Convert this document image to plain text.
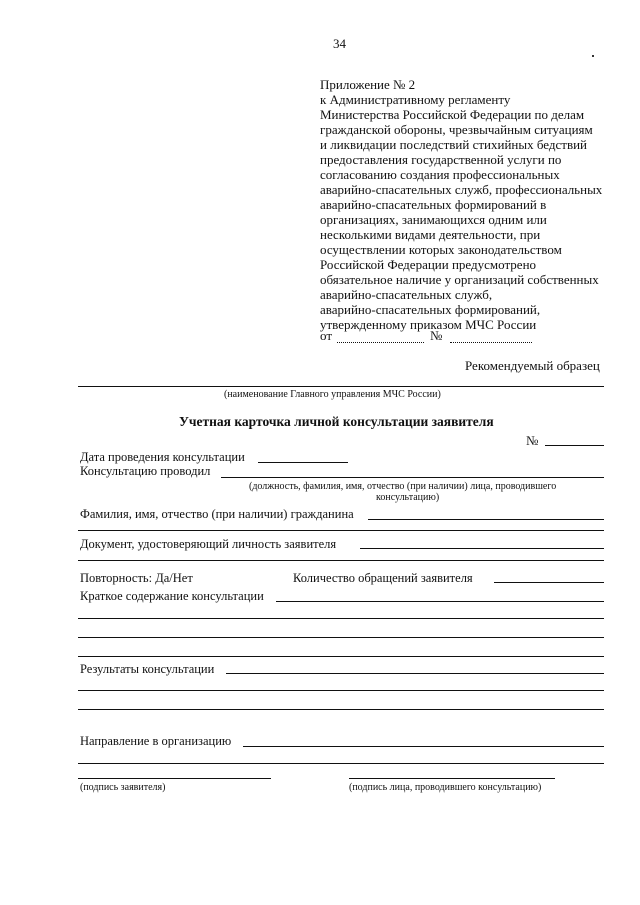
34
Приложение № 2
к Административному регламенту
Министерства Российской Федерации по делам
гражданской обороны, чрезвычайным ситуациям
и ликвидации последствий стихийных бедствий
предоставления государственной услуги по
согласованию создания профессиональных
аварийно-спасательных служб, профессиональных
аварийно-спасательных формирований в
организациях, занимающихся одним или
несколькими видами деятельности, при
осуществлении которых законодательством
Российской Федерации предусмотрено
обязательное наличие у организаций собственных
аварийно-спасательных служб,
аварийно-спасательных формирований,
утвержденному приказом МЧС России
от	№
Рекомендуемый образец
(наименование Главного управления МЧС России)
Учетная карточка личной консультации заявителя
№
Дата проведения консультации
Консультацию проводил
(должность, фамилия, имя, отчество (при наличии) лица, проводившего
консультацию)
Фамилия, имя, отчество (при наличии) гражданина
Документ, удостоверяющий личность заявителя
Повторность: Да/Нет	Количество обращений заявителя
Краткое содержание консультации
Результаты консультации
Направление в организацию
(подпись заявителя)	(подпись лица, проводившего консультацию)
